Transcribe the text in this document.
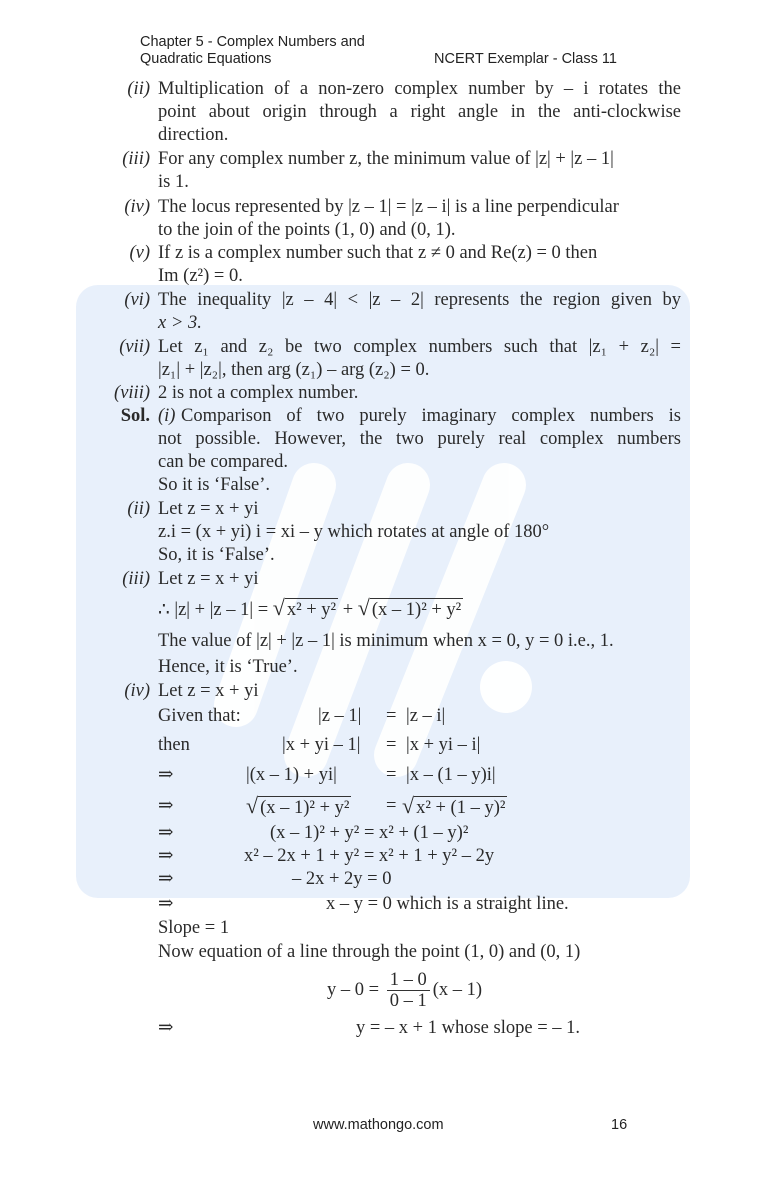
Chapter 5 - Complex Numbers and
Quadratic Equations	NCERT Exemplar - Class 11
(ii) Multiplication of a non-zero complex number by – i rotates the
point about origin through a right angle in the anti-clockwise
direction.
(iii) For any complex number z, the minimum value of |z| + |z – 1|
is 1.
(iv) The locus represented by |z – 1| = |z – i| is a line perpendicular
to the join of the points (1, 0) and (0, 1).
(v) If z is a complex number such that z ≠ 0 and Re(z) = 0 then
Im (z²) = 0.
(vi) The inequality |z – 4| < |z – 2| represents the region given by
x > 3.
(vii) Let z₁ and z₂ be two complex numbers such that |z₁ + z₂| =
|z₁| + |z₂|, then arg (z₁) – arg (z₂) = 0.
(viii) 2 is not a complex number.
Sol. (i) Comparison of two purely imaginary complex numbers is
not possible. However, the two purely real complex numbers
can be compared.
So it is ‘False’.
(ii) Let z = x + yi
z.i = (x + yi) i = xi – y which rotates at angle of 180°
So, it is ‘False’.
(iii) Let z = x + yi
∴ |z| + |z – 1| = √ x² + y² + √ (x – 1)² + y²
The value of |z| + |z – 1| is minimum when x = 0, y = 0 i.e., 1.
Hence, it is ‘True’.
(iv) Let z = x + yi
Given that:	|z – 1|	= |z – i|
then	|x + yi – 1| = |x + yi – i|
⇒	|(x – 1) + yi|	= |x – (1 – y)i|
⇒	√ (x – 1)² + y² = √ x² + (1 – y)²
⇒	(x – 1)² + y² = x² + (1 – y)²
⇒	x² – 2x + 1 + y² = x² + 1 + y² – 2y
⇒	– 2x + 2y = 0
⇒	x – y = 0 which is a straight line.
Slope = 1
Now equation of a line through the point (1, 0) and (0, 1)
$y - 0 = \frac{1 - 0}{0 - 1} (x - 1)$
⇒	y = – x + 1 whose slope = – 1.
www.mathongo.com	16
